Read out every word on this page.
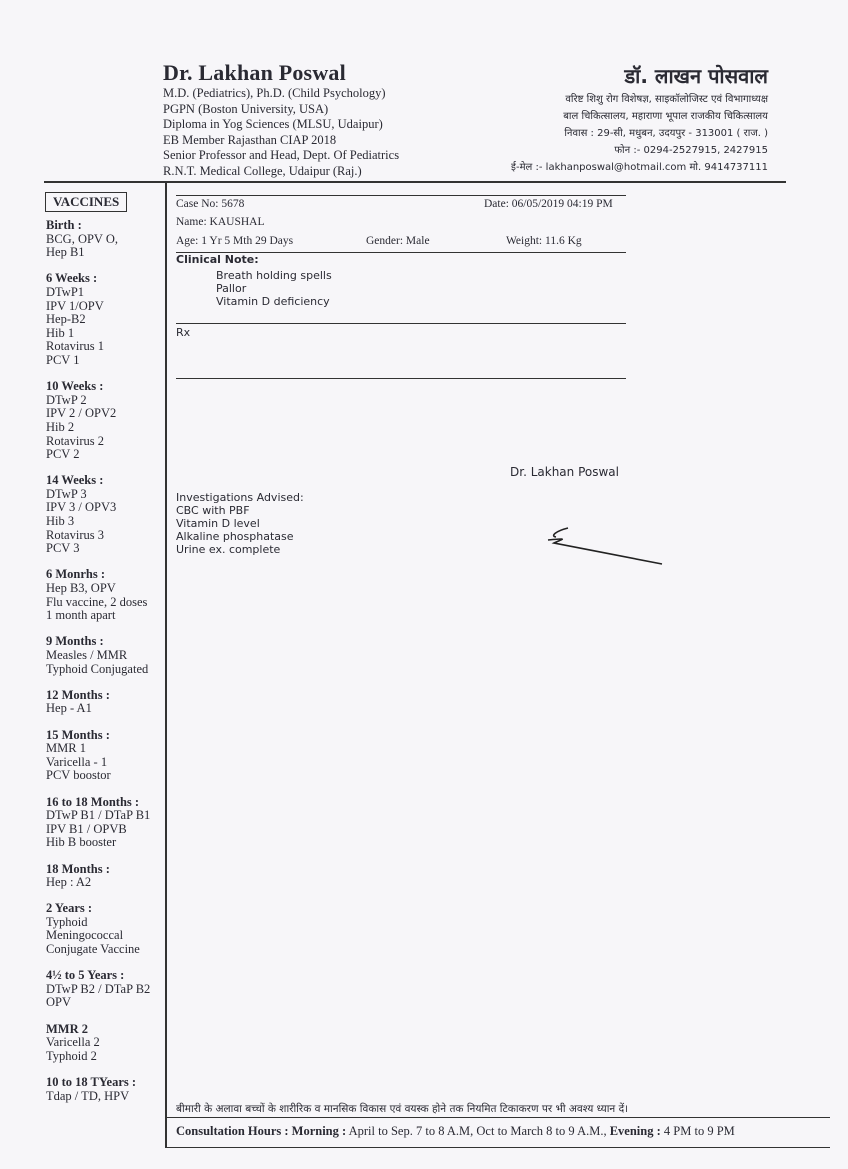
Dr. Lakhan Poswal
M.D. (Pediatrics), Ph.D. (Child Psychology)
PGPN (Boston University, USA)
Diploma in Yog Sciences (MLSU, Udaipur)
EB Member Rajasthan CIAP 2018
Senior Professor and Head, Dept. Of Pediatrics
R.N.T. Medical College, Udaipur (Raj.)
डॉ. लाखन पोसवाल
वरिष्ट शिशु रोग विशेषज्ञ, साइकॉलोजिस्ट एवं विभागाध्यक्ष
बाल चिकित्सालय, महाराणा भूपाल राजकीय चिकित्सालय
निवास : 29-सी, मधुबन, उदयपुर - 313001 ( राज. )
फोन :- 0294-2527915, 2427915
ई-मेल :- lakhanposwal@hotmail.com मो. 9414737111
VACCINES
Birth :
BCG, OPV O,
Hep B1
6 Weeks :
DTwP1
IPV 1/OPV
Hep-B2
Hib 1
Rotavirus 1
PCV 1
10 Weeks :
DTwP 2
IPV 2 / OPV2
Hib 2
Rotavirus 2
PCV 2
14 Weeks :
DTwP 3
IPV 3 / OPV3
Hib 3
Rotavirus 3
PCV 3
6 Monrhs :
Hep B3, OPV
Flu vaccine, 2 doses
1 month apart
9 Months :
Measles / MMR
Typhoid Conjugated
12 Months :
Hep - A1
15 Months :
MMR 1
Varicella - 1
PCV boostor
16 to 18 Months :
DTwP B1 / DTaP B1
IPV B1 / OPVB
Hib B booster
18 Months :
Hep : A2
2 Years :
Typhoid
Meningococcal
Conjugate Vaccine
4½ to 5 Years :
DTwP B2 / DTaP B2
OPV
MMR 2
Varicella 2
Typhoid 2
10 to 18 TYears :
Tdap / TD, HPV
Case No: 5678	Date: 06/05/2019 04:19 PM
Name: KAUSHAL
Age: 1 Yr 5 Mth 29 Days	Gender: Male	Weight: 11.6 Kg
Clinical Note:
Breath holding spells
Pallor
Vitamin D deficiency
Rx
Dr. Lakhan Poswal
Investigations Advised:
CBC with PBF
Vitamin D level
Alkaline phosphatase
Urine ex. complete
बीमारी के अलावा बच्चों के शारीरिक व मानसिक विकास एवं वयस्क होने तक नियमित टिकाकरण पर भी अवश्य ध्यान दें।
Consultation Hours : Morning : April to Sep. 7 to 8 A.M, Oct to March 8 to 9 A.M., Evening : 4 PM to 9 PM
